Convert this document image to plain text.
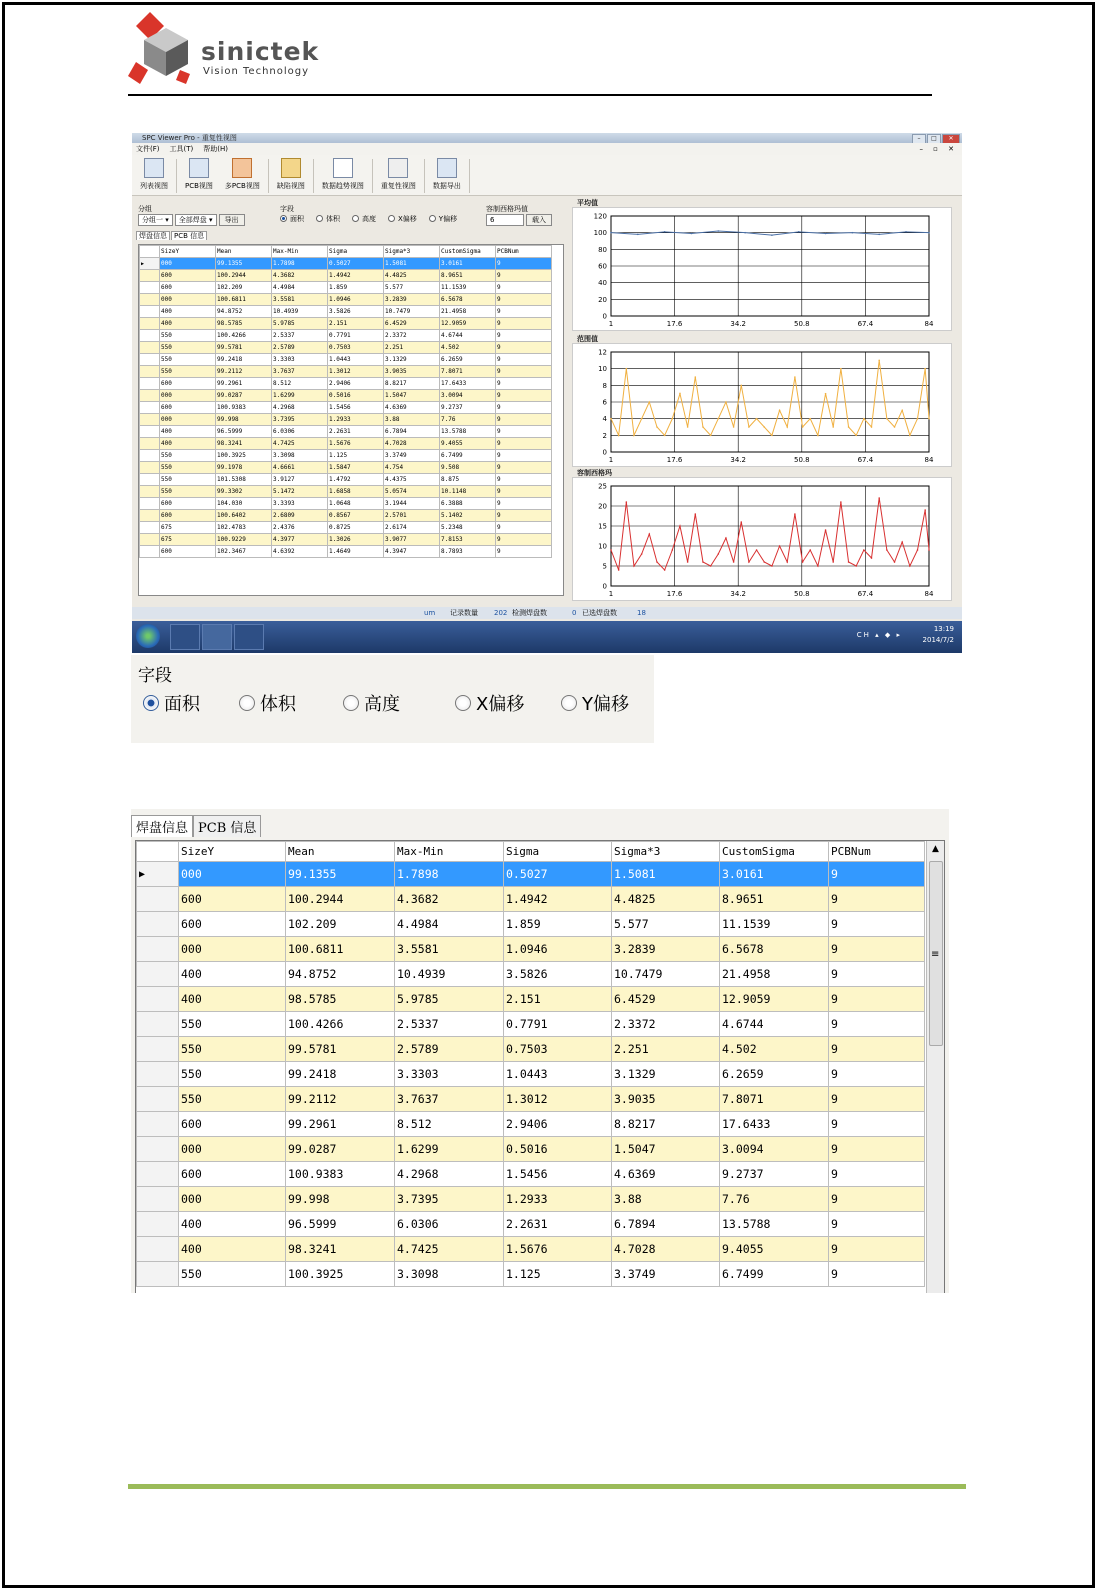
sinictek
Vision Technology
SPC Viewer Pro - 重复性视图	–	□	✕
文件(F) 工具(T) 帮助(H)	– ▫ ✕
列表视图 PCB视图 多PCB视图 缺陷视图 数据趋势视图 重复性视图 数据导出
分组
分组一 ▾ 全部焊盘 ▾ 导出
字段
面积	体积	高度	X偏移	Y偏移
容制西格玛值
6	载入
焊盘信息 PCB 信息
	SizeY	Mean	Max-Min	Sigma	Sigma*3	CustomSigma	PCBNum
▶	000	99.1355	1.7898	0.5027	1.5081	3.0161	9
	600	100.2944	4.3682	1.4942	4.4825	8.9651	9
	600	102.209	4.4984	1.859	5.577	11.1539	9
	000	100.6811	3.5581	1.0946	3.2839	6.5678	9
	400	94.8752	10.4939	3.5826	10.7479	21.4958	9
	400	98.5785	5.9785	2.151	6.4529	12.9059	9
	550	100.4266	2.5337	0.7791	2.3372	4.6744	9
	550	99.5781	2.5789	0.7503	2.251	4.502	9
	550	99.2418	3.3303	1.0443	3.1329	6.2659	9
	550	99.2112	3.7637	1.3012	3.9035	7.8071	9
	600	99.2961	8.512	2.9406	8.8217	17.6433	9
	000	99.0287	1.6299	0.5016	1.5047	3.0094	9
	600	100.9383	4.2968	1.5456	4.6369	9.2737	9
	000	99.998	3.7395	1.2933	3.88	7.76	9
	400	96.5999	6.0306	2.2631	6.7894	13.5788	9
	400	98.3241	4.7425	1.5676	4.7028	9.4055	9
	550	100.3925	3.3098	1.125	3.3749	6.7499	9
	550	99.1978	4.6661	1.5847	4.754	9.508	9
	550	101.5308	3.9127	1.4792	4.4375	8.875	9
	550	99.3302	5.1472	1.6858	5.0574	10.1148	9
	600	104.030	3.3393	1.0648	3.1944	6.3888	9
	600	100.6402	2.6809	0.8567	2.5701	5.1402	9
	675	102.4783	2.4376	0.8725	2.6174	5.2348	9
	675	100.9229	4.3977	1.3026	3.9077	7.8153	9
	600	102.3467	4.6392	1.4649	4.3947	8.7893	9
平均值
0
20
40
60
80
100
120
1	17.6	34.2	50.8	67.4	84
范围值
0
2
4
6
8
10
12
1	17.6	34.2	50.8	67.4	84
容制西格玛
0
5
10
15
20
25
1	17.6	34.2	50.8	67.4	84
um 记录数量 202 检测焊盘数	0 已选焊盘数	18
CH ▴ ◆ ▸
13:19
2014/7/2
字段
面积	体积	高度	X偏移	Y偏移
焊盘信息 PCB 信息
	SizeY	Mean	Max-Min	Sigma	Sigma*3	CustomSigma	PCBNum
▶	000	99.1355	1.7898	0.5027	1.5081	3.0161	9
	600	100.2944	4.3682	1.4942	4.4825	8.9651	9
	600	102.209	4.4984	1.859	5.577	11.1539	9
	000	100.6811	3.5581	1.0946	3.2839	6.5678	9
	400	94.8752	10.4939	3.5826	10.7479	21.4958	9
	400	98.5785	5.9785	2.151	6.4529	12.9059	9
	550	100.4266	2.5337	0.7791	2.3372	4.6744	9
	550	99.5781	2.5789	0.7503	2.251	4.502	9
	550	99.2418	3.3303	1.0443	3.1329	6.2659	9
	550	99.2112	3.7637	1.3012	3.9035	7.8071	9
	600	99.2961	8.512	2.9406	8.8217	17.6433	9
	000	99.0287	1.6299	0.5016	1.5047	3.0094	9
	600	100.9383	4.2968	1.5456	4.6369	9.2737	9
	000	99.998	3.7395	1.2933	3.88	7.76	9
	400	96.5999	6.0306	2.2631	6.7894	13.5788	9
	400	98.3241	4.7425	1.5676	4.7028	9.4055	9
	550	100.3925	3.3098	1.125	3.3749	6.7499	9
▲
≡
